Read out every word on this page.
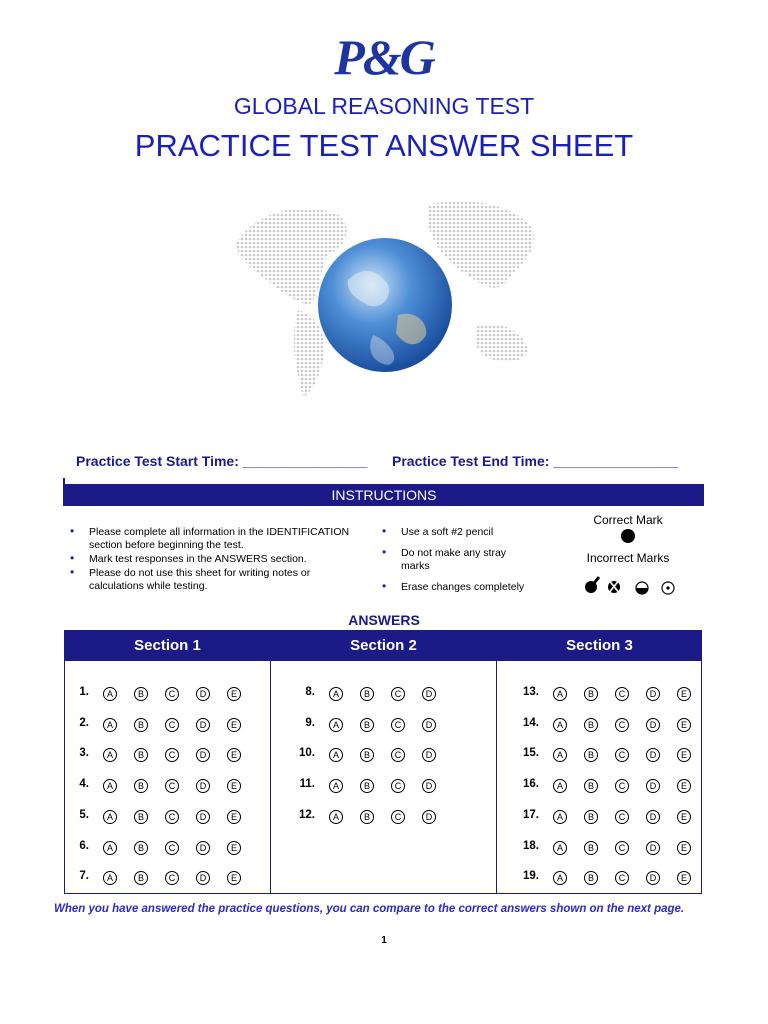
P&G
GLOBAL REASONING TEST
PRACTICE TEST ANSWER SHEET
Practice Test Start Time: ________________ Practice Test End Time: ________________
INSTRUCTIONS
• Please complete all information in the IDENTIFICATION section before beginning the test.
• Mark test responses in the ANSWERS section.
• Please do not use this sheet for writing notes or calculations while testing.
• Use a soft #2 pencil
• Do not make any stray marks
• Erase changes completely
Correct Mark
Incorrect Marks
ANSWERS
Section 1	Section 2	Section 3
1.	A	B	C	D	E
2.	A	B	C	D	E
3.	A	B	C	D	E
4.	A	B	C	D	E
5.	A	B	C	D	E
6.	A	B	C	D	E
7.	A	B	C	D	E
8.	A	B	C	D
9.	A	B	C	D
10.	A	B	C	D
11.	A	B	C	D
12.	A	B	C	D
13.	A	B	C	D	E
14.	A	B	C	D	E
15.	A	B	C	D	E
16.	A	B	C	D	E
17.	A	B	C	D	E
18.	A	B	C	D	E
19.	A	B	C	D	E
When you have answered the practice questions, you can compare to the correct answers shown on the next page.
1
